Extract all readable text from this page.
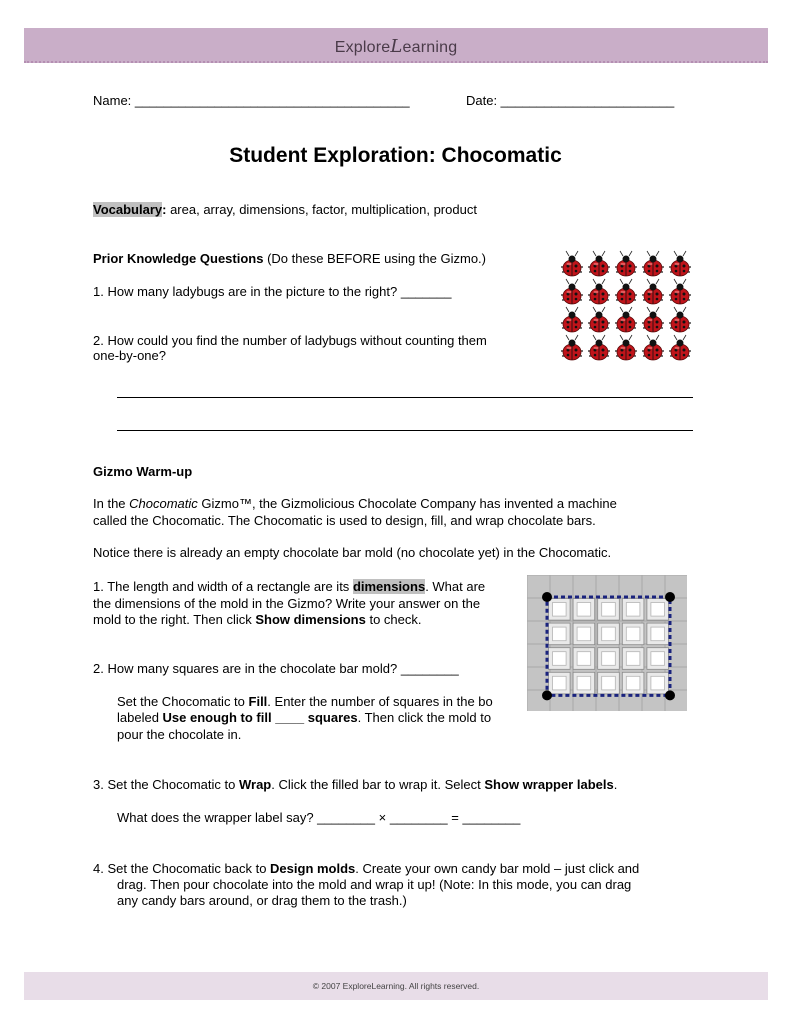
ExploreLearning
Name: ______________________________________	Date: ________________________
Student Exploration: Chocomatic
Vocabulary: area, array, dimensions, factor, multiplication, product
Prior Knowledge Questions (Do these BEFORE using the Gizmo.)
1. How many ladybugs are in the picture to the right? _______
2. How could you find the number of ladybugs without counting them
one-by-one?
Gizmo Warm-up
In the Chocomatic Gizmo™, the Gizmolicious Chocolate Company has invented a machine
called the Chocomatic. The Chocomatic is used to design, fill, and wrap chocolate bars.
Notice there is already an empty chocolate bar mold (no chocolate yet) in the Chocomatic.
1. The length and width of a rectangle are its dimensions. What are
the dimensions of the mold in the Gizmo? Write your answer on the
mold to the right. Then click Show dimensions to check.
2. How many squares are in the chocolate bar mold? ________
Set the Chocomatic to Fill. Enter the number of squares in the bo
labeled Use enough to fill ____ squares. Then click the mold to
pour the chocolate in.
3. Set the Chocomatic to Wrap. Click the filled bar to wrap it. Select Show wrapper labels.
What does the wrapper label say? ________ × ________ = ________
4. Set the Chocomatic back to Design molds. Create your own candy bar mold – just click and
drag. Then pour chocolate into the mold and wrap it up! (Note: In this mode, you can drag
any candy bars around, or drag them to the trash.)
© 2007 ExploreLearning. All rights reserved.
